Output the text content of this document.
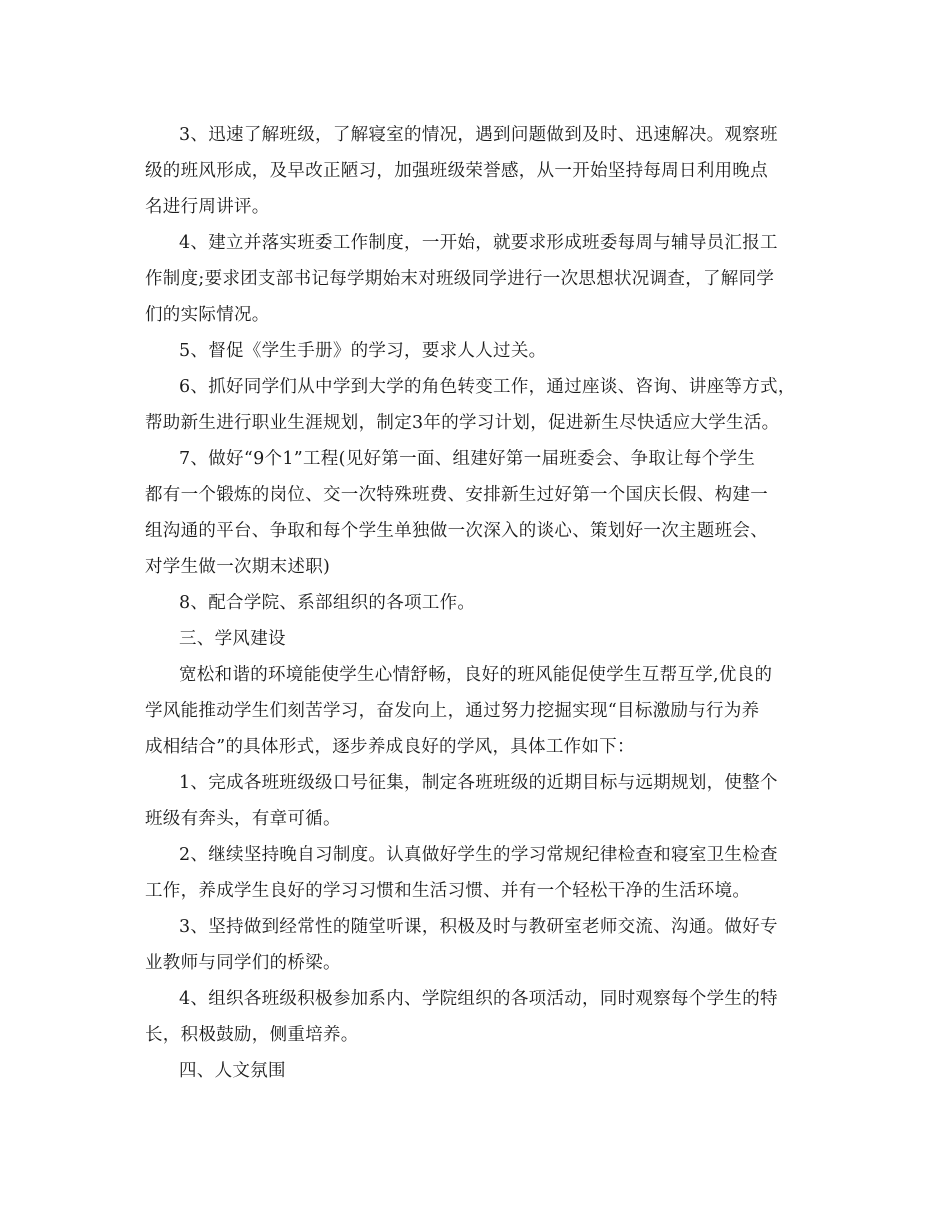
3、迅速了解班级，了解寝室的情况，遇到问题做到及时、迅速解决。观察班
级的班风形成，及早改正陋习，加强班级荣誉感，从一开始坚持每周日利用晚点
名进行周讲评。
4、建立并落实班委工作制度，一开始，就要求形成班委每周与辅导员汇报工
作制度;要求团支部书记每学期始末对班级同学进行一次思想状况调查，了解同学
们的实际情况。
5、督促《学生手册》的学习，要求人人过关。
6、抓好同学们从中学到大学的角色转变工作，通过座谈、咨询、讲座等方式，
帮助新生进行职业生涯规划，制定3年的学习计划，促进新生尽快适应大学生活。
7、做好“9个1”工程(见好第一面、组建好第一届班委会、争取让每个学生
都有一个锻炼的岗位、交一次特殊班费、安排新生过好第一个国庆长假、构建一
组沟通的平台、争取和每个学生单独做一次深入的谈心、策划好一次主题班会、
对学生做一次期末述职)
8、配合学院、系部组织的各项工作。
三、学风建设
宽松和谐的环境能使学生心情舒畅，良好的班风能促使学生互帮互学,优良的
学风能推动学生们刻苦学习，奋发向上，通过努力挖掘实现“目标激励与行为养
成相结合”的具体形式，逐步养成良好的学风，具体工作如下：
1、完成各班班级级口号征集，制定各班班级的近期目标与远期规划，使整个
班级有奔头，有章可循。
2、继续坚持晚自习制度。认真做好学生的学习常规纪律检查和寝室卫生检查
工作，养成学生良好的学习习惯和生活习惯、并有一个轻松干净的生活环境。
3、坚持做到经常性的随堂听课，积极及时与教研室老师交流、沟通。做好专
业教师与同学们的桥梁。
4、组织各班级积极参加系内、学院组织的各项活动，同时观察每个学生的特
长，积极鼓励，侧重培养。
四、人文氛围
